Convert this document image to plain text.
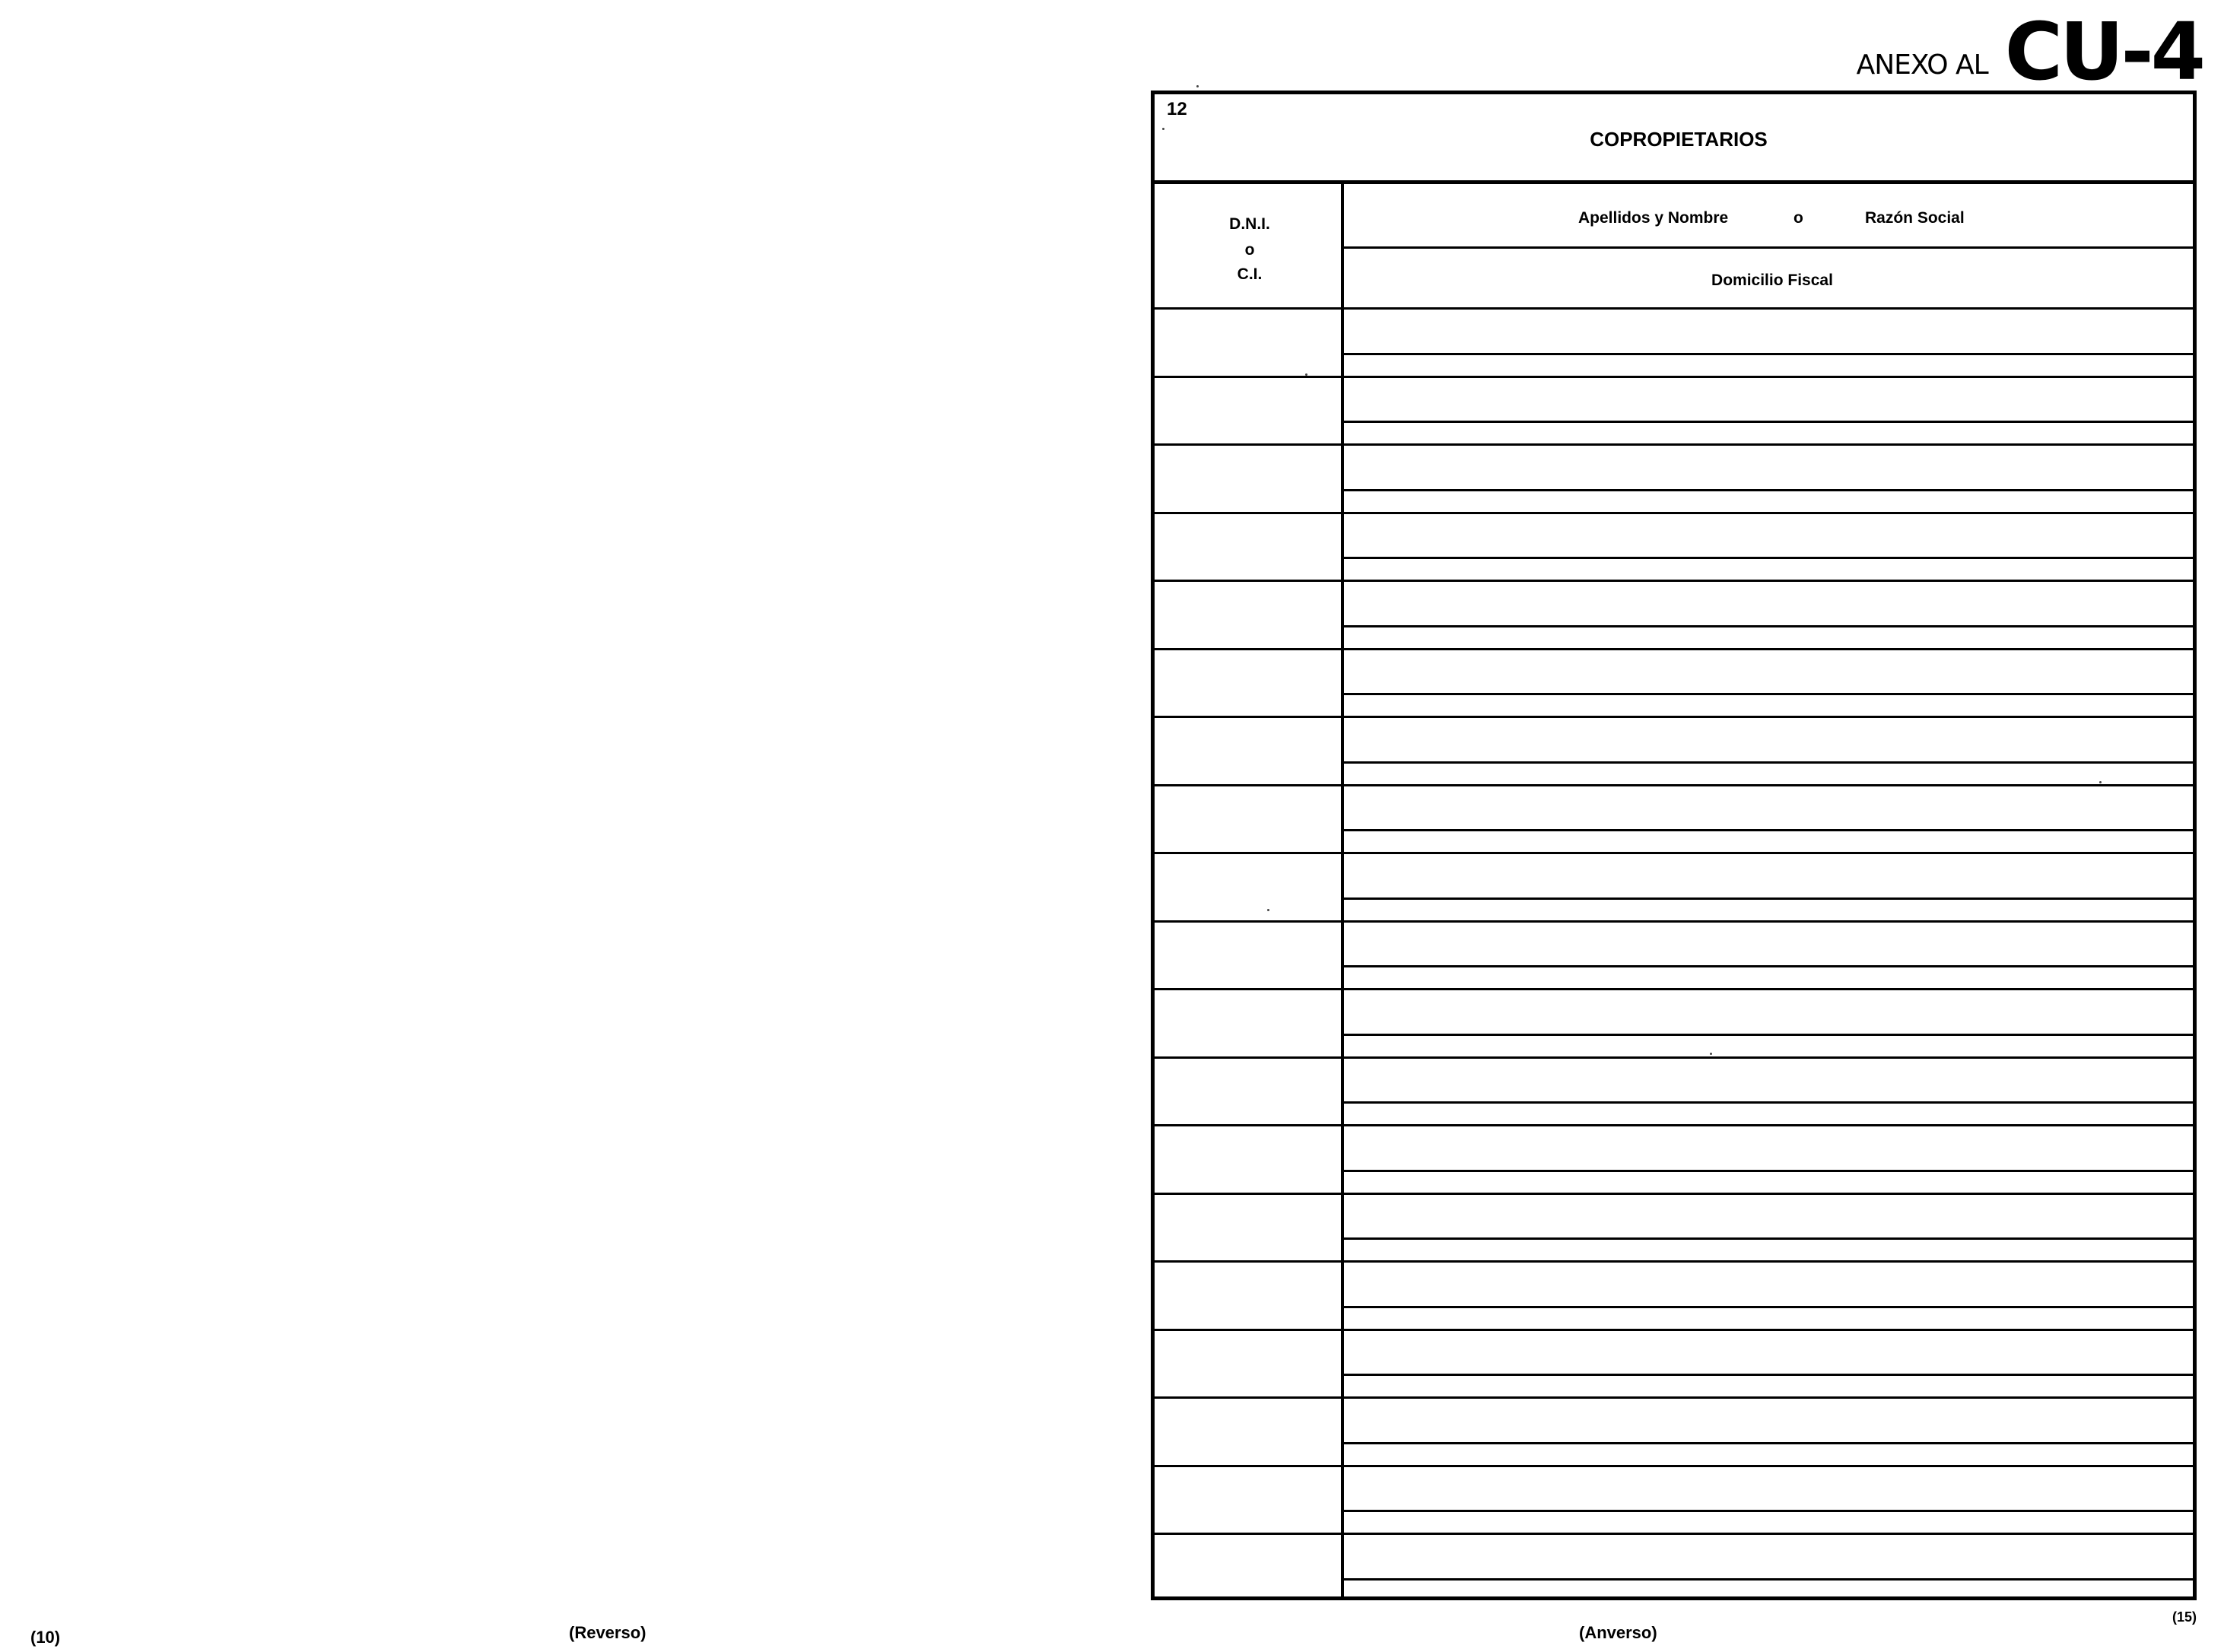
ANEXO AL CU-4
12
COPROPIETARIOS
D.N.I.
o
C.I.
Apellidos y Nombre	o	Razón Social
Domicilio Fiscal
(10)	(Reverso)	(Anverso)
(15)
